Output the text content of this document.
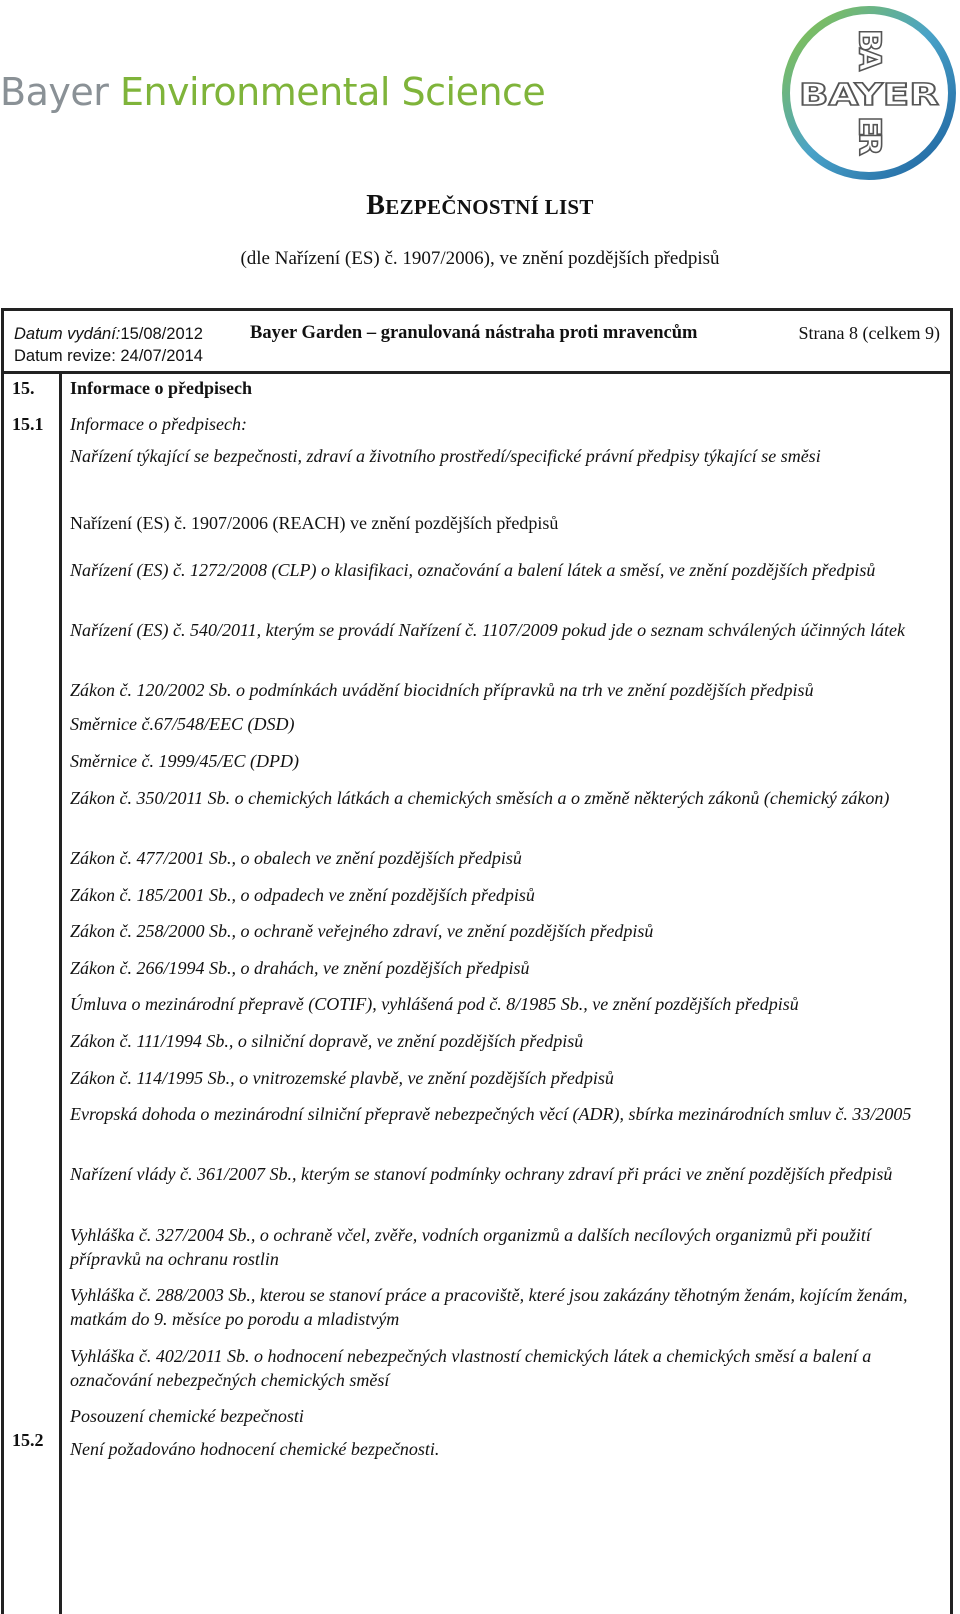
Bayer Environmental Science
BA
BAYER
ER
BEZPEČNOSTNÍ LIST
(dle Nařízení (ES) č. 1907/2006), ve znění pozdějších předpisů
Datum vydání:15/08/2012	Bayer Garden – granulovaná nástraha proti mravencům	Strana 8 (celkem 9)
Datum revize: 24/07/2014
15. Informace o předpisech
15.1 Informace o předpisech:
Nařízení týkající se bezpečnosti, zdraví a životního prostředí/specifické právní předpisy týkající se směsi
Nařízení (ES) č. 1907/2006 (REACH) ve znění pozdějších předpisů
Nařízení (ES) č. 1272/2008 (CLP) o klasifikaci, označování a balení látek a směsí, ve znění pozdějších předpisů
Nařízení (ES) č. 540/2011, kterým se provádí Nařízení č. 1107/2009 pokud jde o seznam schválených účinných látek
Zákon č. 120/2002 Sb. o podmínkách uvádění biocidních přípravků na trh ve znění pozdějších předpisů
Směrnice č.67/548/EEC (DSD)
Směrnice č. 1999/45/EC (DPD)
Zákon č. 350/2011 Sb. o chemických látkách a chemických směsích a o změně některých zákonů (chemický zákon)
Zákon č. 477/2001 Sb., o obalech ve znění pozdějších předpisů
Zákon č. 185/2001 Sb., o odpadech ve znění pozdějších předpisů
Zákon č. 258/2000 Sb., o ochraně veřejného zdraví, ve znění pozdějších předpisů
Zákon č. 266/1994 Sb., o drahách, ve znění pozdějších předpisů
Úmluva o mezinárodní přepravě (COTIF), vyhlášená pod č. 8/1985 Sb., ve znění pozdějších předpisů
Zákon č. 111/1994 Sb., o silniční dopravě, ve znění pozdějších předpisů
Zákon č. 114/1995 Sb., o vnitrozemské plavbě, ve znění pozdějších předpisů
Evropská dohoda o mezinárodní silniční přepravě nebezpečných věcí (ADR), sbírka mezinárodních smluv č. 33/2005
Nařízení vlády č. 361/2007 Sb., kterým se stanoví podmínky ochrany zdraví při práci ve znění pozdějších předpisů
Vyhláška č. 327/2004 Sb., o ochraně včel, zvěře, vodních organizmů a dalších necílových organizmů při použití přípravků na ochranu rostlin
Vyhláška č. 288/2003 Sb., kterou se stanoví práce a pracoviště, které jsou zakázány těhotným ženám, kojícím ženám, matkám do 9. měsíce po porodu a mladistvým
Vyhláška č. 402/2011 Sb. o hodnocení nebezpečných vlastností chemických látek a chemických směsí a balení a označování nebezpečných chemických směsí
Posouzení chemické bezpečnosti
Není požadováno hodnocení chemické bezpečnosti.
15.2
